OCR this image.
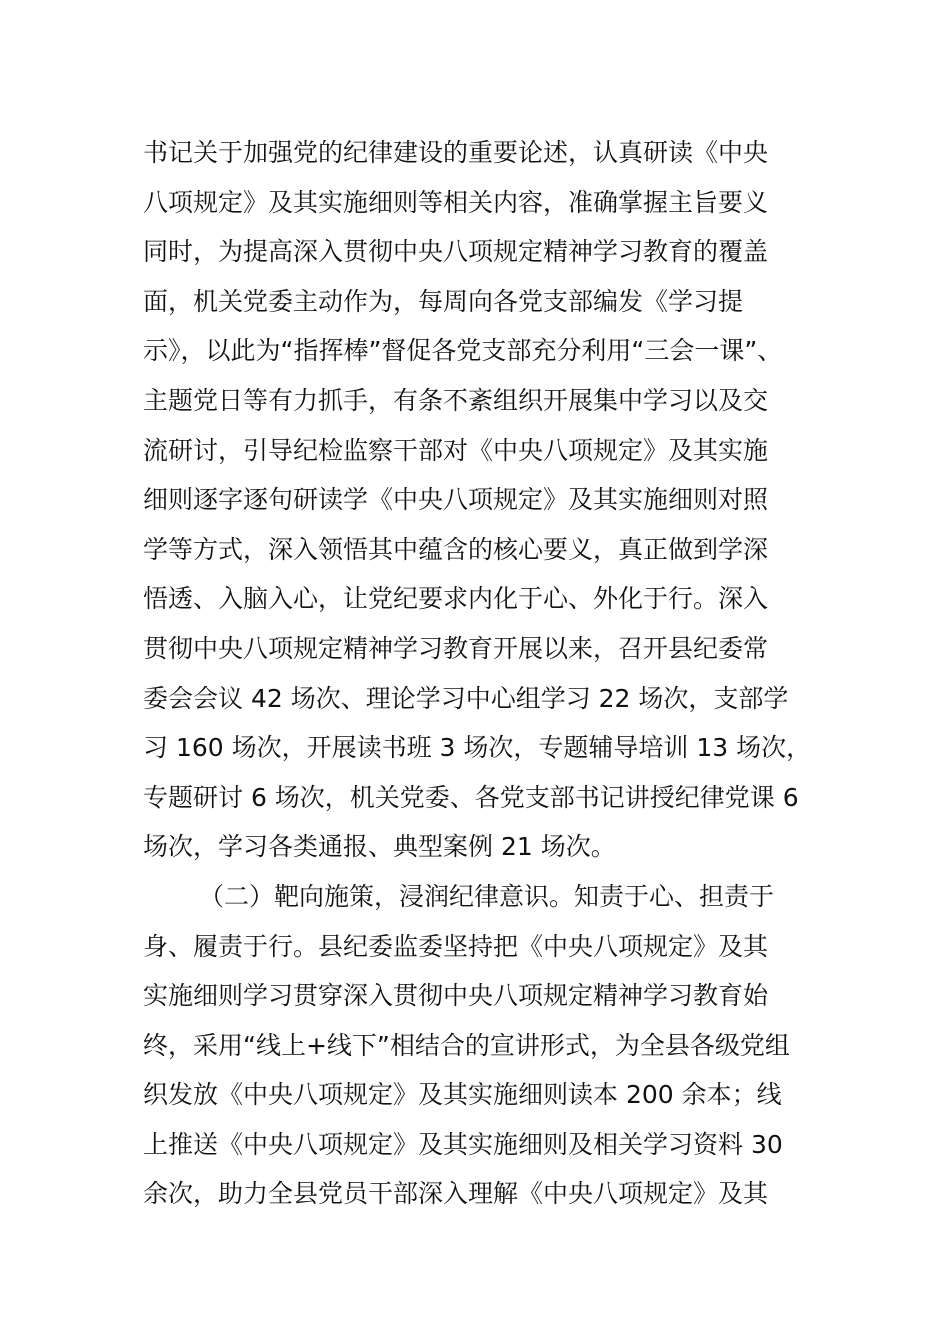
书记关于加强党的纪律建设的重要论述，认真研读《中央
八项规定》及其实施细则等相关内容，准确掌握主旨要义
同时，为提高深入贯彻中央八项规定精神学习教育的覆盖
面，机关党委主动作为，每周向各党支部编发《学习提
示》，以此为“指挥棒”督促各党支部充分利用“三会一课”、
主题党日等有力抓手，有条不紊组织开展集中学习以及交
流研讨，引导纪检监察干部对《中央八项规定》及其实施
细则逐字逐句研读学《中央八项规定》及其实施细则对照
学等方式，深入领悟其中蕴含的核心要义，真正做到学深
悟透、入脑入心，让党纪要求内化于心、外化于行。深入
贯彻中央八项规定精神学习教育开展以来，召开县纪委常
委会会议 42 场次、理论学习中心组学习 22 场次，支部学
习 160 场次，开展读书班 3 场次，专题辅导培训 13 场次，
专题研讨 6 场次，机关党委、各党支部书记讲授纪律党课 6
场次，学习各类通报、典型案例 21 场次。
（二）靶向施策，浸润纪律意识。知责于心、担责于
身、履责于行。县纪委监委坚持把《中央八项规定》及其
实施细则学习贯穿深入贯彻中央八项规定精神学习教育始
终，采用“线上+线下”相结合的宣讲形式，为全县各级党组
织发放《中央八项规定》及其实施细则读本 200 余本；线
上推送《中央八项规定》及其实施细则及相关学习资料 30
余次，助力全县党员干部深入理解《中央八项规定》及其
